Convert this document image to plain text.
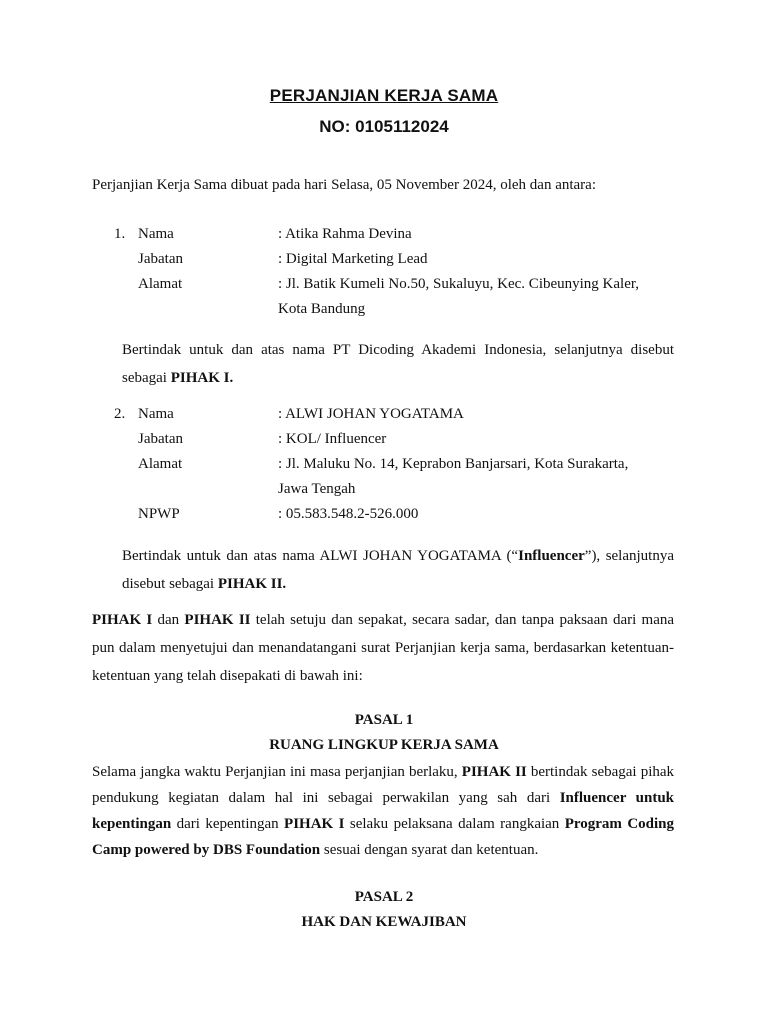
PERJANJIAN KERJA SAMA
NO: 0105112024
Perjanjian Kerja Sama dibuat pada hari Selasa, 05 November 2024, oleh dan antara:
1. Nama	: Atika Rahma Devina
Jabatan	: Digital Marketing Lead
Alamat	: Jl. Batik Kumeli No.50, Sukaluyu, Kec. Cibeunying Kaler,
Kota Bandung
Bertindak untuk dan atas nama PT Dicoding Akademi Indonesia, selanjutnya disebut sebagai PIHAK I.
2. Nama	: ALWI JOHAN YOGATAMA
Jabatan	: KOL/ Influencer
Alamat	: Jl. Maluku No. 14, Keprabon Banjarsari, Kota Surakarta,
Jawa Tengah
NPWP	: 05.583.548.2-526.000
Bertindak untuk dan atas nama ALWI JOHAN YOGATAMA (“Influencer”), selanjutnya disebut sebagai PIHAK II.
PIHAK I dan PIHAK II telah setuju dan sepakat, secara sadar, dan tanpa paksaan dari mana pun dalam menyetujui dan menandatangani surat Perjanjian kerja sama, berdasarkan ketentuan-ketentuan yang telah disepakati di bawah ini:
PASAL 1
RUANG LINGKUP KERJA SAMA
Selama jangka waktu Perjanjian ini masa perjanjian berlaku, PIHAK II bertindak sebagai pihak pendukung kegiatan dalam hal ini sebagai perwakilan yang sah dari Influencer untuk kepentingan dari kepentingan PIHAK I selaku pelaksana dalam rangkaian Program Coding Camp powered by DBS Foundation sesuai dengan syarat dan ketentuan.
PASAL 2
HAK DAN KEWAJIBAN
